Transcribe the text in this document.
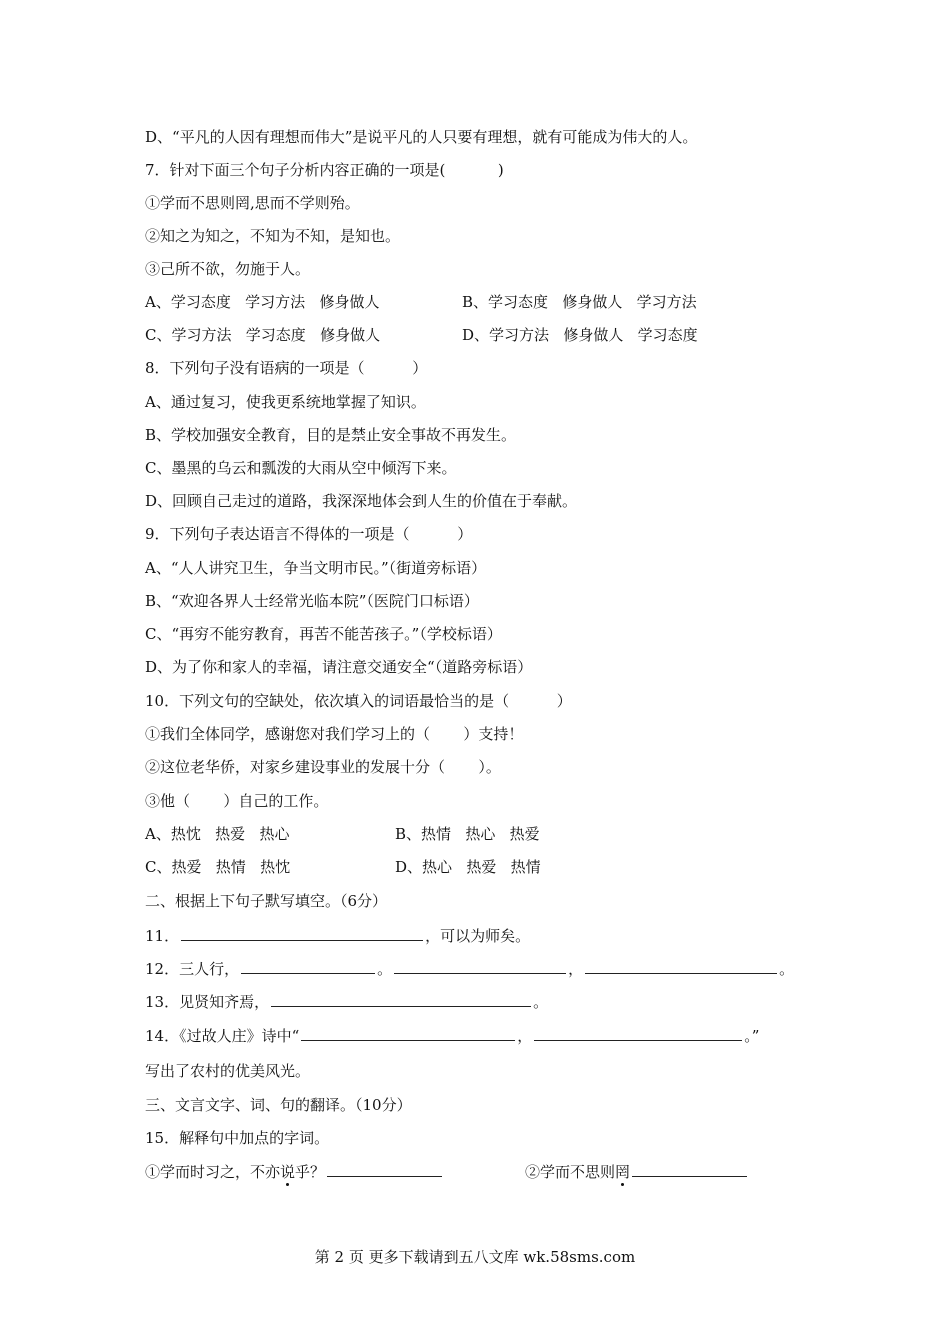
D、“平凡的人因有理想而伟大”是说平凡的人只要有理想，就有可能成为伟大的人。
7．针对下面三个句子分析内容正确的一项是(           )
①学而不思则罔,思而不学则殆。
②知之为知之，不知为不知，是知也。
③己所不欲，勿施于人。
A、学习态度   学习方法   修身做人	B、学习态度   修身做人   学习方法
C、学习方法   学习态度   修身做人	D、学习方法   修身做人   学习态度
8．下列句子没有语病的一项是（          ）
A、通过复习，使我更系统地掌握了知识。
B、学校加强安全教育，目的是禁止安全事故不再发生。
C、墨黑的乌云和瓢泼的大雨从空中倾泻下来。
D、回顾自己走过的道路，我深深地体会到人生的价值在于奉献。
9．下列句子表达语言不得体的一项是（          ）
A、“人人讲究卫生，争当文明市民。”（街道旁标语）
B、“欢迎各界人士经常光临本院”（医院门口标语）
C、“再穷不能穷教育，再苦不能苦孩子。”（学校标语）
D、为了你和家人的幸福，请注意交通安全“（道路旁标语）
10．下列文句的空缺处，依次填入的词语最恰当的是（          ）
①我们全体同学，感谢您对我们学习上的（       ）支持！
②这位老华侨，对家乡建设事业的发展十分（       ）。
③他（       ）自己的工作。
A、热忱   热爱   热心	B、热情   热心   热爱
C、热爱   热情   热忱	D、热心   热爱   热情
二、根据上下句子默写填空。（6分）
11．	，可以为师矣。
12．三人行，	。	，	。
13．见贤知齐焉，	。
14．《过故人庄》诗中“	，	。”
写出了农村的优美风光。
三、文言文字、词、句的翻译。（10分）
15．解释句中加点的字词。
①学而时习之，不亦说乎？	②学而不思则罔
第 2 页 更多下载请到五八文库 wk.58sms.com
